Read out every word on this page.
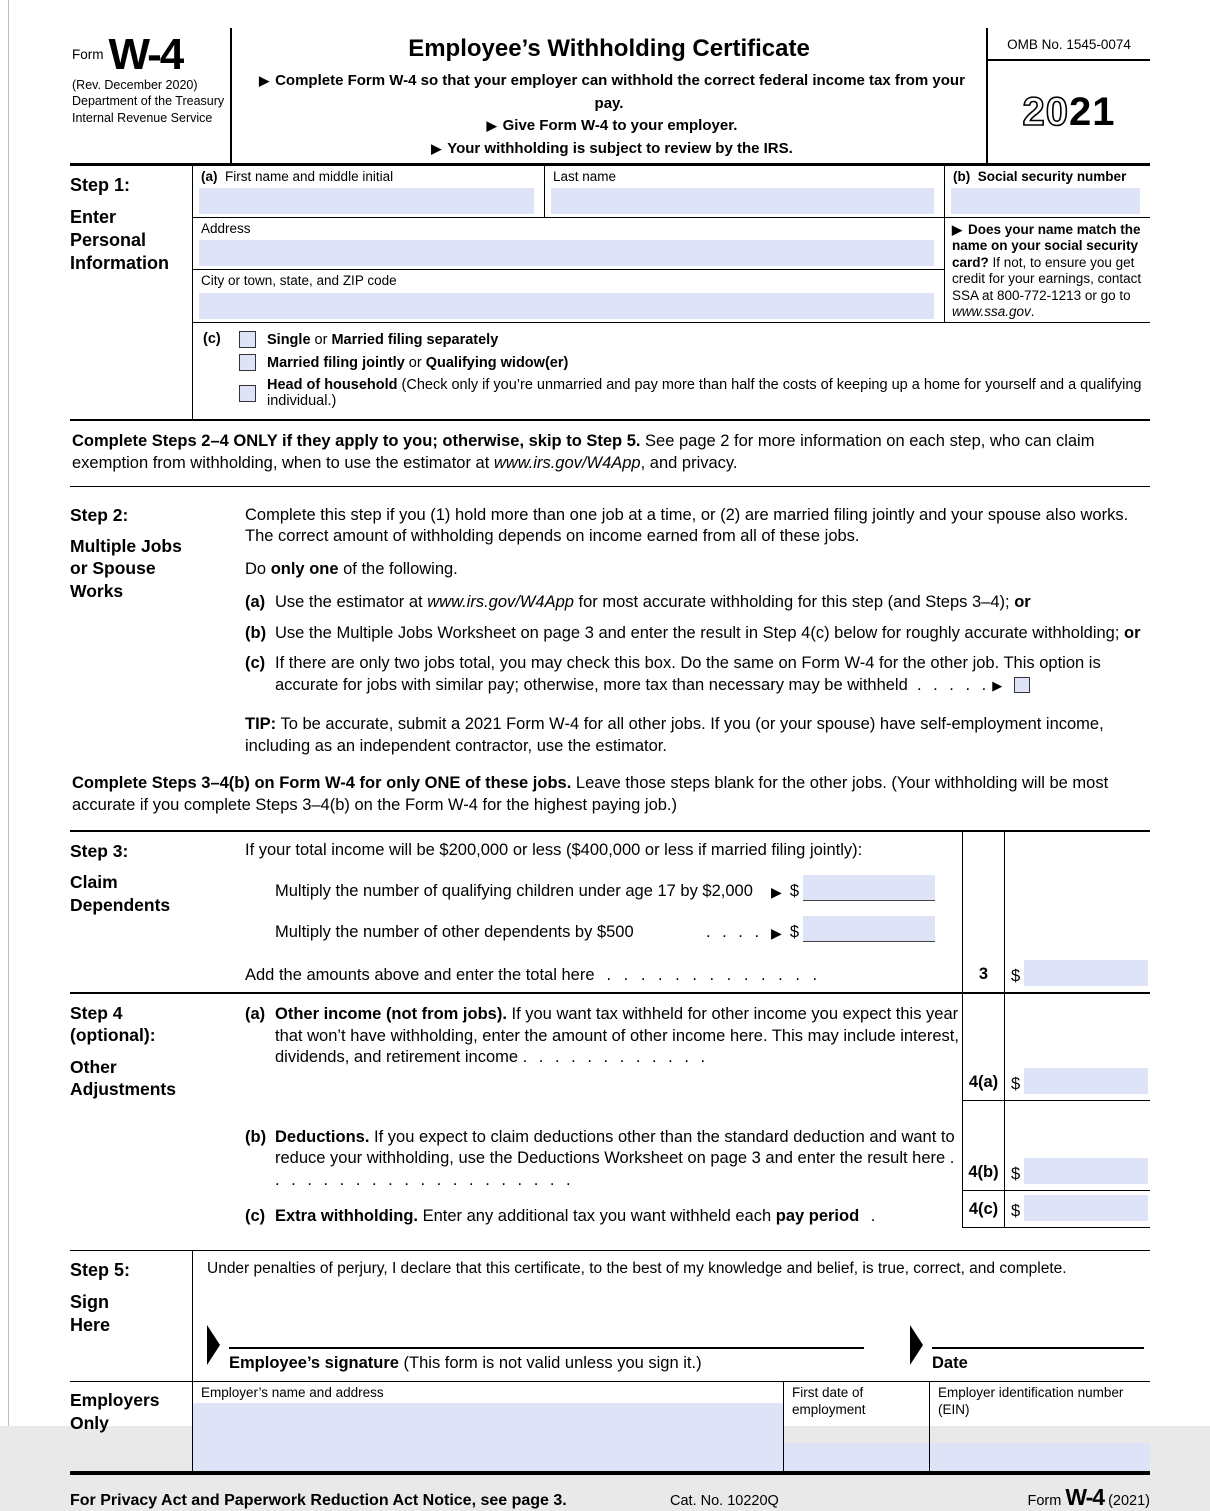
Form W-4
(Rev. December 2020)
Department of the Treasury
Internal Revenue Service
Employee’s Withholding Certificate
▶ Complete Form W-4 so that your employer can withhold the correct federal income tax from your pay.
▶ Give Form W-4 to your employer.
▶ Your withholding is subject to review by the IRS.
OMB No. 1545-0074
20 21
Step 1:
Enter Personal Information
(a) First name and middle initial	Last name	(b) Social security number
Address
City or town, state, and ZIP code
▶ Does your name match the name on your social security card? If not, to ensure you get credit for your earnings, contact SSA at 800-772-1213 or go to www.ssa.gov.
(c)	Single or Married filing separately
Married filing jointly or Qualifying widow(er)
Head of household (Check only if you’re unmarried and pay more than half the costs of keeping up a home for yourself and a qualifying individual.)
Complete Steps 2–4 ONLY if they apply to you; otherwise, skip to Step 5. See page 2 for more information on each step, who can claim exemption from withholding, when to use the estimator at www.irs.gov/W4App, and privacy.
Step 2:
Multiple Jobs or Spouse Works
Complete this step if you (1) hold more than one job at a time, or (2) are married filing jointly and your spouse also works. The correct amount of withholding depends on income earned from all of these jobs.
Do only one of the following.
(a) Use the estimator at www.irs.gov/W4App for most accurate withholding for this step (and Steps 3–4); or
(b) Use the Multiple Jobs Worksheet on page 3 and enter the result in Step 4(c) below for roughly accurate withholding; or
(c) If there are only two jobs total, you may check this box. Do the same on Form W-4 for the other job. This option is accurate for jobs with similar pay; otherwise, more tax than necessary may be withheld . . . . . ▶
TIP: To be accurate, submit a 2021 Form W-4 for all other jobs. If you (or your spouse) have self-employment income, including as an independent contractor, use the estimator.
Complete Steps 3–4(b) on Form W-4 for only ONE of these jobs. Leave those steps blank for the other jobs. (Your withholding will be most accurate if you complete Steps 3–4(b) on the Form W-4 for the highest paying job.)
Step 3:
Claim Dependents
If your total income will be $200,000 or less ($400,000 or less if married filing jointly):
Multiply the number of qualifying children under age 17 by $2,000 ▶ $
Multiply the number of other dependents by $500	. . . . ▶ $
Add the amounts above and enter the total here . . . . . . . . . . . . .	3	$
Step 4 (optional):
Other Adjustments
(a) Other income (not from jobs). If you want tax withheld for other income you expect this year that won’t have withholding, enter the amount of other income here. This may include interest, dividends, and retirement income . . . . . . . . . . . .
4(a) $
(b) Deductions. If you expect to claim deductions other than the standard deduction and want to reduce your withholding, use the Deductions Worksheet on page 3 and enter the result here . . . . . . . . . . . . . . . . . . . .	4(b) $
(c) Extra withholding. Enter any additional tax you want withheld each pay period .	4(c) $
Step 5:
Sign Here
Under penalties of perjury, I declare that this certificate, to the best of my knowledge and belief, is true, correct, and complete.
Employee’s signature (This form is not valid unless you sign it.)	Date
Employers Only
Employer’s name and address	First date of employment
Employer identification number (EIN)
For Privacy Act and Paperwork Reduction Act Notice, see page 3.	Cat. No. 10220Q	Form W-4 (2021)
